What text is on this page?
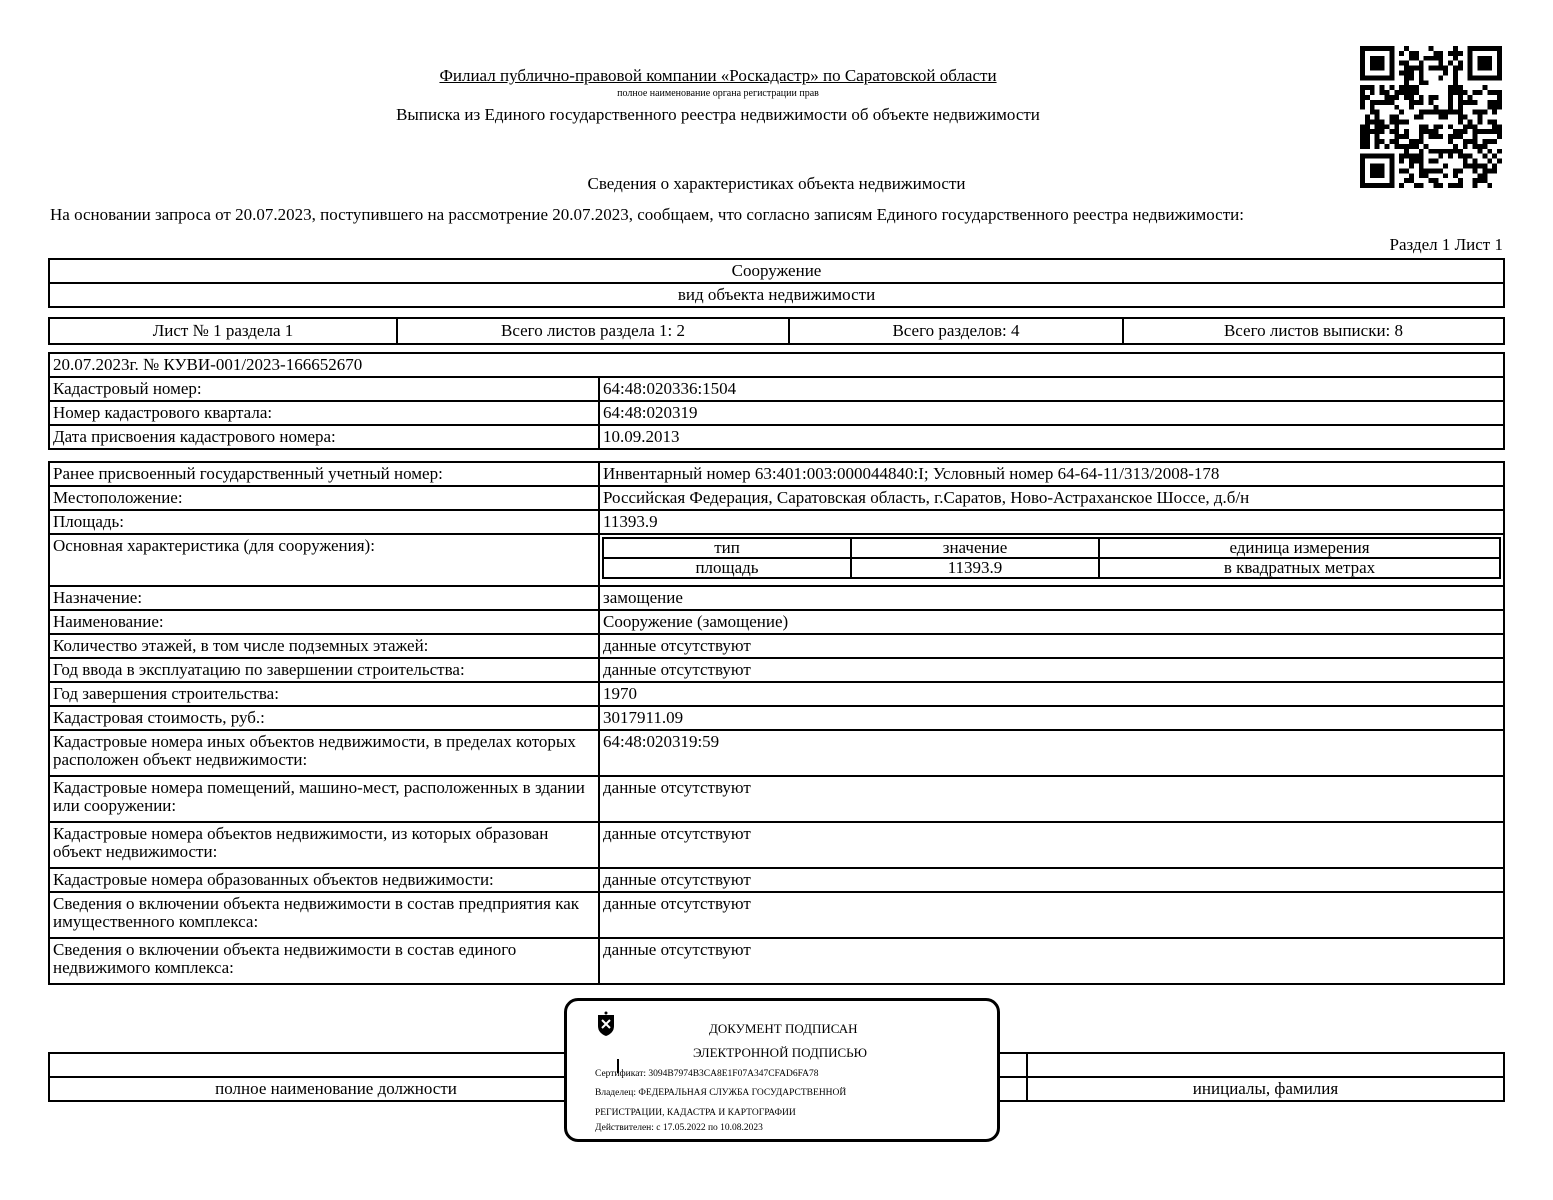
Филиал публично-правовой компании «Роскадастр» по Саратовской области
полное наименование органа регистрации прав
Выписка из Единого государственного реестра недвижимости об объекте недвижимости
Сведения о характеристиках объекта недвижимости
На основании запроса от 20.07.2023, поступившего на рассмотрение 20.07.2023, сообщаем, что согласно записям Единого государственного реестра недвижимости:
Раздел 1 Лист 1
Сооружение
вид объекта недвижимости
Лист № 1 раздела 1	Всего листов раздела 1: 2	Всего разделов: 4	Всего листов выписки: 8
20.07.2023г. № КУВИ-001/2023-166652670	
Кадастровый номер:	64:48:020336:1504
Номер кадастрового квартала:	64:48:020319
Дата присвоения кадастрового номера:	10.09.2013
Ранее присвоенный государственный учетный номер:	Инвентарный номер 63:401:003:000044840:I; Условный номер 64-64-11/313/2008-178
Местоположение:	Российская Федерация, Саратовская область, г.Саратов, Ново-Астраханское Шоссе, д.б/н
Площадь:	11393.9
Основная характеристика (для сооружения):		тип	значение	единица измерения
площадь	11393.9	в квадратных метрах

Назначение:	замощение
Наименование:	Сооружение (замощение)
Количество этажей, в том числе подземных этажей:	данные отсутствуют
Год ввода в эксплуатацию по завершении строительства:	данные отсутствуют
Год завершения строительства:	1970
Кадастровая стоимость, руб.:	3017911.09
Кадастровые номера иных объектов недвижимости, в пределах которых расположен объект недвижимости:	64:48:020319:59
Кадастровые номера помещений, машино-мест, расположенных в здании или сооружении:	данные отсутствуют
Кадастровые номера объектов недвижимости, из которых образован объект недвижимости:	данные отсутствуют
Кадастровые номера образованных объектов недвижимости:	данные отсутствуют
Сведения о включении объекта недвижимости в состав предприятия как имущественного комплекса:	данные отсутствуют
Сведения о включении объекта недвижимости в состав единого недвижимого комплекса:	данные отсутствуют

полное наименование должности		инициалы, фамилия
ДОКУМЕНТ ПОДПИСАН
ЭЛЕКТРОННОЙ ПОДПИСЬЮ
Сертификат: 3094B7974B3CA8E1F07A347CFAD6FA78
Владелец: ФЕДЕРАЛЬНАЯ СЛУЖБА ГОСУДАРСТВЕННОЙ
РЕГИСТРАЦИИ, КАДАСТРА И КАРТОГРАФИИ
Действителен: с 17.05.2022 по 10.08.2023
